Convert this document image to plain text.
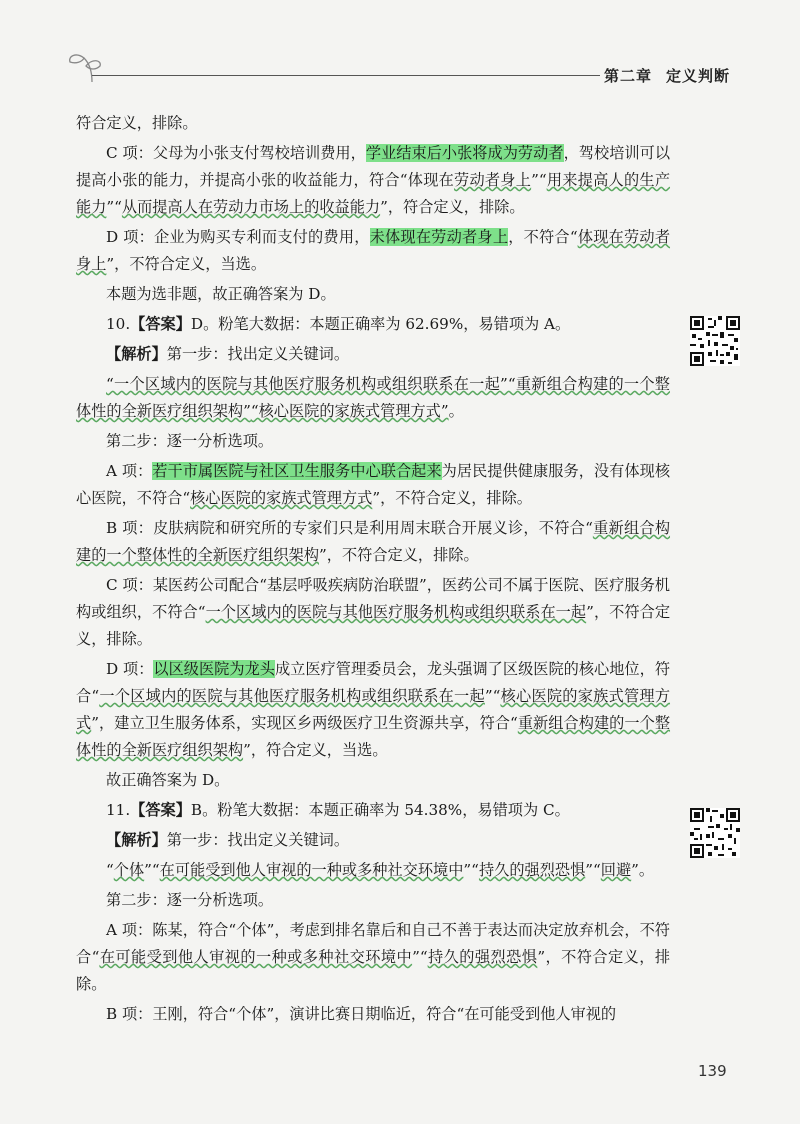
第二章 定义判断

符合定义，排除。

C 项：父母为小张支付驾校培训费用，学业结束后小张将成为劳动者，驾校培训可以提高小张的能力，并提高小张的收益能力，符合“体现在劳动者身上”“用来提高人的生产能力”“从而提高人在劳动力市场上的收益能力”，符合定义，排除。

D 项：企业为购买专利而支付的费用，未体现在劳动者身上，不符合“体现在劳动者身上”，不符合定义，当选。

本题为选非题，故正确答案为 D。

10.【答案】D。粉笔大数据：本题正确率为 62.69%，易错项为 A。

【解析】第一步：找出定义关键词。

“一个区域内的医院与其他医疗服务机构或组织联系在一起”“重新组合构建的一个整体性的全新医疗组织架构”“核心医院的家族式管理方式”。

第二步：逐一分析选项。

A 项：若干市属医院与社区卫生服务中心联合起来为居民提供健康服务，没有体现核心医院，不符合“核心医院的家族式管理方式”，不符合定义，排除。

B 项：皮肤病院和研究所的专家们只是利用周末联合开展义诊，不符合“重新组合构建的一个整体性的全新医疗组织架构”，不符合定义，排除。

C 项：某医药公司配合“基层呼吸疾病防治联盟”，医药公司不属于医院、医疗服务机构或组织，不符合“一个区域内的医院与其他医疗服务机构或组织联系在一起”，不符合定义，排除。

D 项：以区级医院为龙头成立医疗管理委员会，龙头强调了区级医院的核心地位，符合“一个区域内的医院与其他医疗服务机构或组织联系在一起”“核心医院的家族式管理方式”，建立卫生服务体系，实现区乡两级医疗卫生资源共享，符合“重新组合构建的一个整体性的全新医疗组织架构”，符合定义，当选。

故正确答案为 D。

11.【答案】B。粉笔大数据：本题正确率为 54.38%，易错项为 C。

【解析】第一步：找出定义关键词。

“个体”“在可能受到他人审视的一种或多种社交环境中”“持久的强烈恐惧”“回避”。

第二步：逐一分析选项。

A 项：陈某，符合“个体”，考虑到排名靠后和自己不善于表达而决定放弃机会，不符合“在可能受到他人审视的一种或多种社交环境中”“持久的强烈恐惧”，不符合定义，排除。

B 项：王刚，符合“个体”，演讲比赛日期临近，符合“在可能受到他人审视的

139
